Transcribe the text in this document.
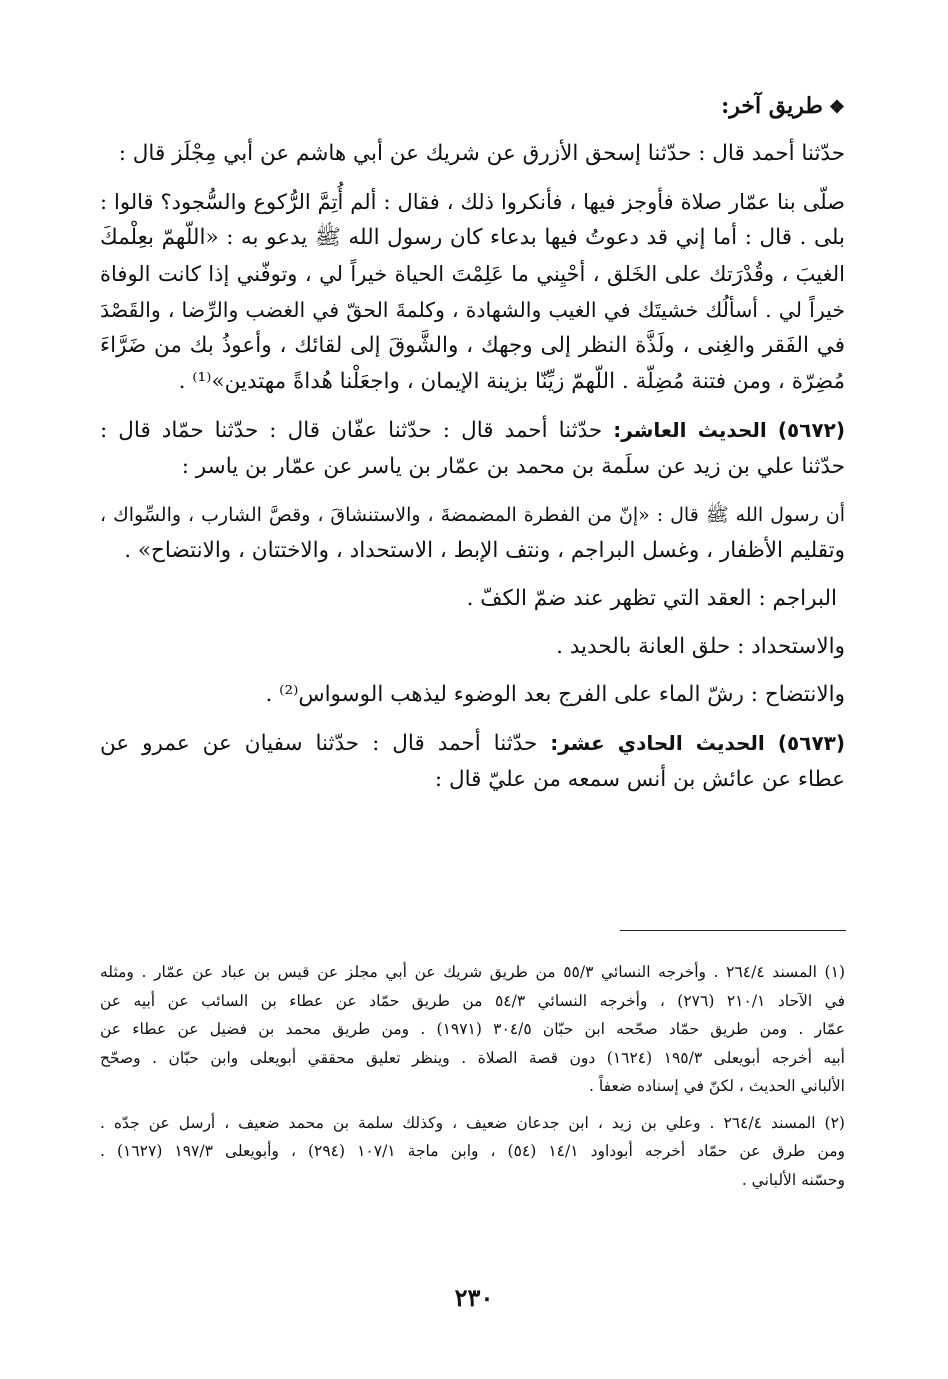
❖طريق آخر:
حدّثنا أحمد قال : حدّثنا إسحق الأزرق عن شريك عن أبي هاشم عن أبي مِجْلَز قال :
صلّى بنا عمّار صلاة فأوجز فيها ، فأنكروا ذلك ، فقال : ألم أُتِمَّ الرُّكوع والسُّجود؟ قالوا :
بلى . قال : أما إني قد دعوتُ فيها بدعاء كان رسول الله ﷺ يدعو به : «اللّهمّ بعِلْمكَ
الغيبَ ، وقُدْرَتك على الخَلق ، أحْيِني ما عَلِمْتَ الحياة خيراً لي ، وتوفّني إذا كانت الوفاة
خيراً لي . أسألُك خشيتَك في الغيب والشهادة ، وكلمةَ الحقّ في الغضب والرِّضا ، والقَصْدَ
في الفَقر والغِنى ، ولَذَّة النظر إلى وجهك ، والشَّوقَ إلى لقائك ، وأعوذُ بك من ضَرَّاءَ
مُضِرّة ، ومن فتنة مُضِلّة . اللّهمّ زيِّنّا بزينة الإيمان ، واجعَلْنا هُداةً مهتدين»⁽¹⁾ .
(٥٦٧٢) الحديث العاشر: حدّثنا أحمد قال : حدّثنا عفّان قال : حدّثنا حمّاد قال :
حدّثنا علي بن زيد عن سلَمة بن محمد بن عمّار بن ياسر عن عمّار بن ياسر :
أن رسول الله ﷺ قال : «إنّ من الفطرة المضمضةَ ، والاستنشاقَ ، وقصَّ الشارب ، والسِّواك ،
وتقليم الأظفار ، وغسل البراجم ، ونتف الإبط ، الاستحداد ، والاختتان ، والانتضاح» .
البراجم : العقد التي تظهر عند ضمّ الكفّ .
والاستحداد : حلق العانة بالحديد .
والانتضاح : رشّ الماء على الفرج بعد الوضوء ليذهب الوسواس⁽²⁾ .
(٥٦٧٣) الحديث الحادي عشر: حدّثنا أحمد قال : حدّثنا سفيان عن عمرو عن
عطاء عن عائش بن أنس سمعه من عليّ قال :
(١) المسند ٢٦٤/٤ . وأخرجه النسائي ٥٥/٣ من طريق شريك عن أبي مجلز عن قيس بن عباد عن عمّار . ومثله
في الآحاد ٢١٠/١ (٢٧٦) ، وأخرجه النسائي ٥٤/٣ من طريق حمّاد عن عطاء بن السائب عن أبيه عن
عمّار . ومن طريق حمّاد صحّحه ابن حبّان ٣٠٤/٥ (١٩٧١) . ومن طريق محمد بن فضيل عن عطاء عن
أبيه أخرجه أبويعلى ١٩٥/٣ (١٦٢٤) دون قصة الصلاة . وينظر تعليق محققي أبويعلى وابن حبّان . وصحّح
الألباني الحديث ، لكنّ في إسناده ضعفاً .
(٢) المسند ٢٦٤/٤ . وعلي بن زيد ، ابن جدعان ضعيف ، وكذلك سلمة بن محمد ضعيف ، أرسل عن جدّه .
ومن طرق عن حمّاد أخرجه أبوداود ١٤/١ (٥٤) ، وابن ماجة ١٠٧/١ (٢٩٤) ، وأبويعلى ١٩٧/٣ (١٦٢٧) .
وحسّنه الألباني .
٢٣٠
